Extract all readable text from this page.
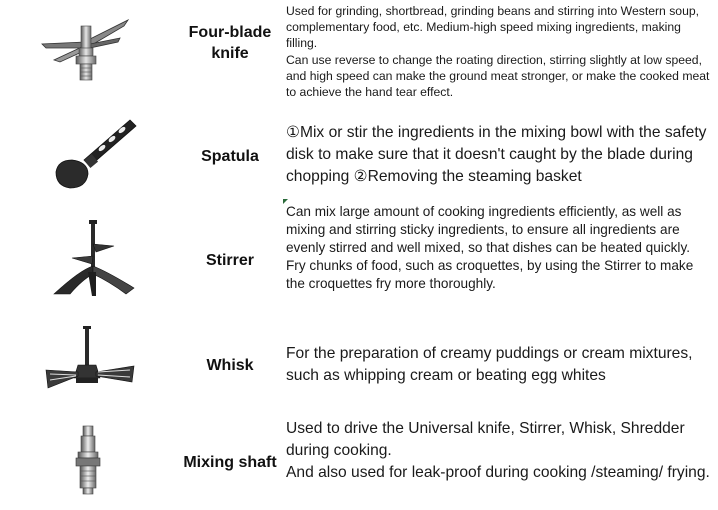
Four-blade knife

Used for grinding, shortbread, grinding beans and stirring into Western soup, complementary food, etc. Medium-high speed mixing ingredients, making filling.

Can use reverse to change the roating direction, stirring slightly at low speed, and high speed can make the ground meat stronger, or make the cooked meat to achieve the hand tear effect.

Spatula

①Mix or stir the ingredients in the mixing bowl with the safety disk to make sure that it doesn't caught by the blade during chopping ②Removing the steaming basket

Stirrer

Can mix large amount of cooking ingredients efficiently, as well as mixing and stirring sticky ingredients, to ensure all ingredients are evenly stirred and well mixed, so that dishes can be heated quickly.

Fry chunks of food, such as croquettes, by using the Stirrer to make the croquettes fry more thoroughly.

Whisk

For the preparation of creamy puddings or cream mixtures, such as whipping cream or beating egg whites

Mixing shaft

Used to drive the Universal knife, Stirrer, Whisk, Shredder during cooking.

And also used for leak-proof during cooking /steaming/ frying.
